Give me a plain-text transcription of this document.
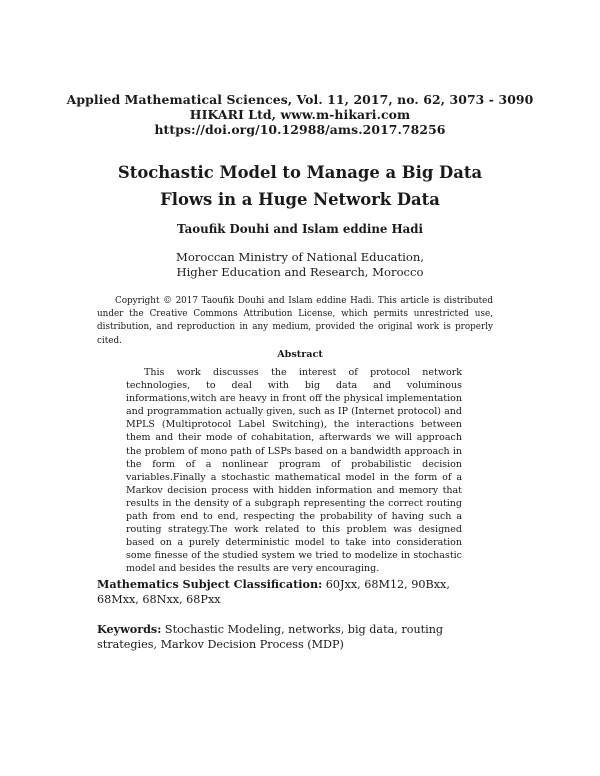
Applied Mathematical Sciences, Vol. 11, 2017, no. 62, 3073 - 3090
HIKARI Ltd, www.m-hikari.com
https://doi.org/10.12988/ams.2017.78256
Stochastic Model to Manage a Big Data
Flows in a Huge Network Data
Taoufik Douhi and Islam eddine Hadi
Moroccan Ministry of National Education,
Higher Education and Research, Morocco
Copyright © 2017 Taoufik Douhi and Islam eddine Hadi. This article is distributed under the Creative Commons Attribution License, which permits unrestricted use, distribution, and reproduction in any medium, provided the original work is properly cited.
Abstract
This work discusses the interest of protocol network technologies, to deal with big data and voluminous informations,witch are heavy in front off the physical implementation and programmation actually given, such as IP (Internet protocol) and MPLS (Multiprotocol Label Switching), the interactions between them and their mode of cohabitation, afterwards we will approach the problem of mono path of LSPs based on a bandwidth approach in the form of a nonlinear program of probabilistic decision variables.Finally a stochastic mathematical model in the form of a Markov decision process with hidden information and memory that results in the density of a subgraph representing the correct routing path from end to end, respecting the probability of having such a routing strategy.The work related to this problem was designed based on a purely deterministic model to take into consideration some finesse of the studied system we tried to modelize in stochastic model and besides the results are very encouraging.
Mathematics Subject Classification: 60Jxx, 68M12, 90Bxx, 68Mxx, 68Nxx, 68Pxx
Keywords: Stochastic Modeling, networks, big data, routing strategies, Markov Decision Process (MDP)
